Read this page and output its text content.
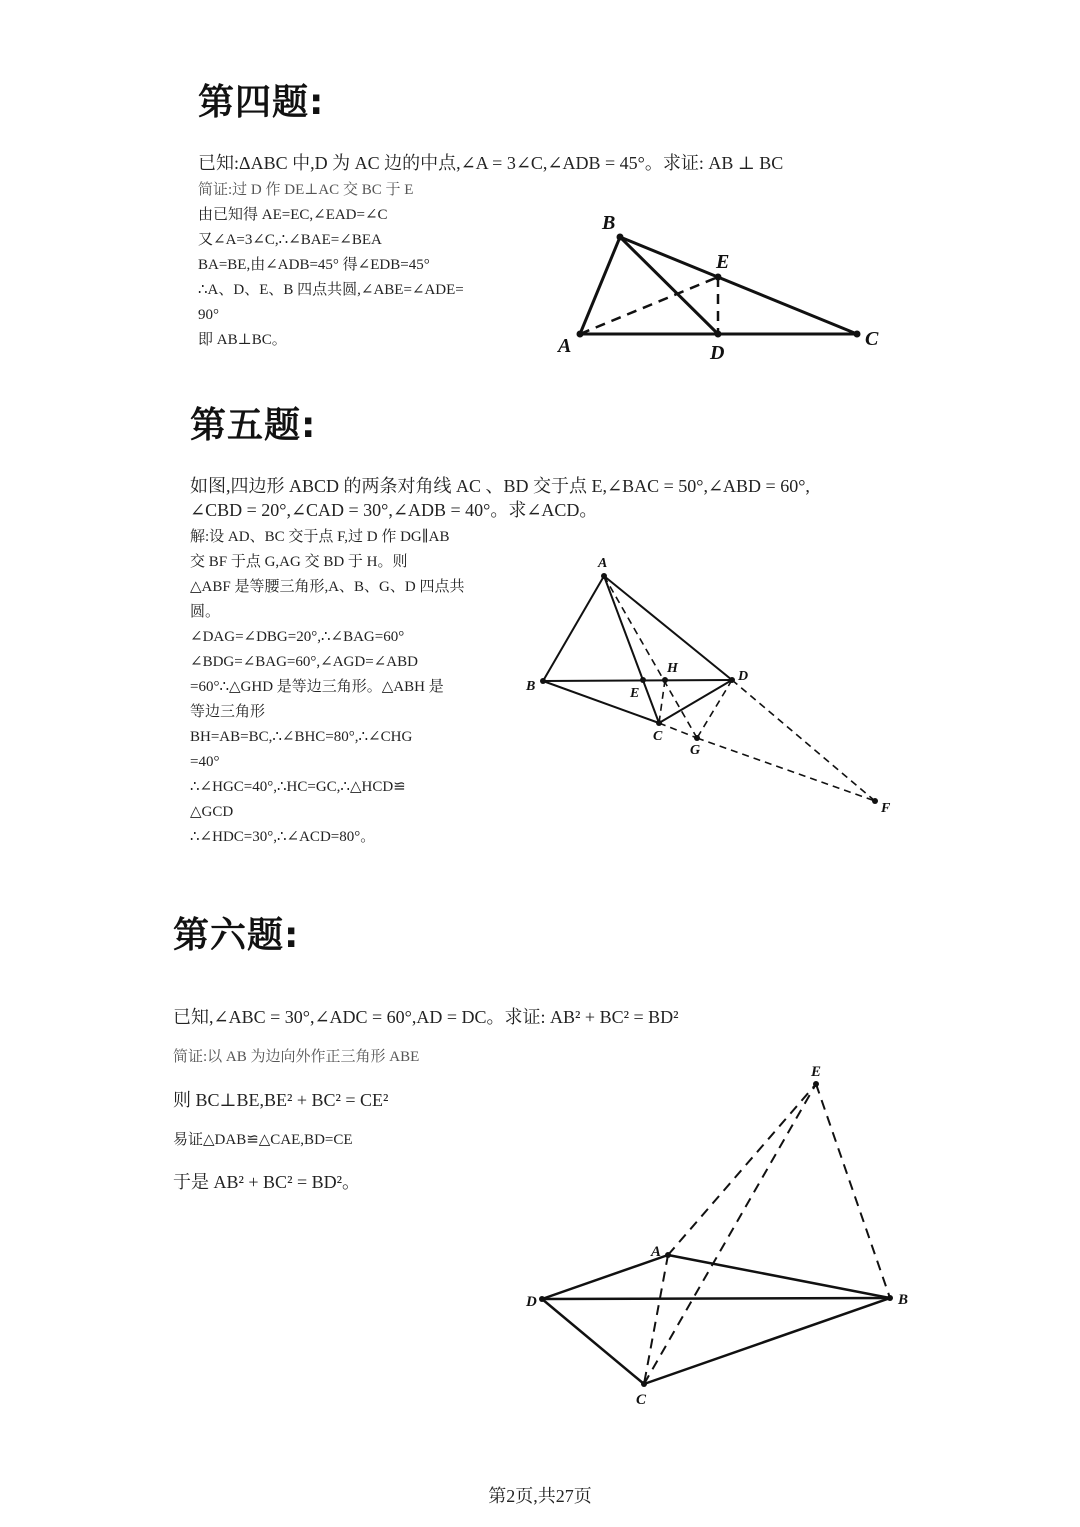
第四题:
已知:ΔABC 中,D 为 AC 边的中点,∠A = 3∠C,∠ADB = 45°。求证: AB ⊥ BC
简证:过 D 作 DE⊥AC 交 BC 于 E
由已知得 AE=EC,∠EAD=∠C
又∠A=3∠C,∴∠BAE=∠BEA
BA=BE,由∠ADB=45° 得∠EDB=45°
∴A、D、E、B 四点共圆,∠ABE=∠ADE=
90°
即 AB⊥BC。
B
E
A	D
C
第五题:
如图,四边形 ABCD 的两条对角线 AC 、BD 交于点 E,∠BAC = 50°,∠ABD = 60°,
∠CBD = 20°,∠CAD = 30°,∠ADB = 40°。求∠ACD。
解:设 AD、BC 交于点 F,过 D 作 DG∥AB
交 BF 于点 G,AG 交 BD 于 H。则
△ABF 是等腰三角形,A、B、G、D 四点共
圆。
∠DAG=∠DBG=20°,∴∠BAG=60°
∠BDG=∠BAG=60°,∠AGD=∠ABD
=60°∴△GHD 是等边三角形。△ABH 是
等边三角形
BH=AB=BC,∴∠BHC=80°,∴∠CHG
=40°
∴∠HGC=40°,∴HC=GC,∴△HCD≌
△GCD
∴∠HDC=30°,∴∠ACD=80°。
A
B
H
D
E
C
G
F
第六题:
已知,∠ABC = 30°,∠ADC = 60°,AD = DC。求证: AB² + BC² = BD²
简证:以 AB 为边向外作正三角形 ABE
则 BC⊥BE,BE² + BC² = CE²
易证△DAB≌△CAE,BD=CE
于是 AB² + BC² = BD²。
E
A
D	B
C
第2页,共27页
